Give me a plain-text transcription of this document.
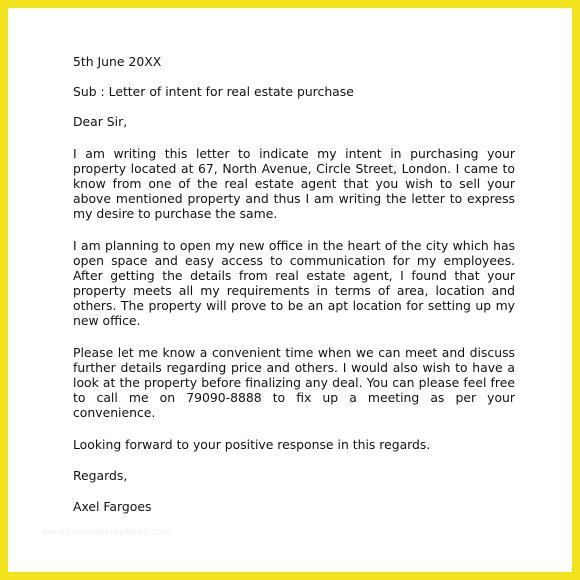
5th June 20XX
Sub : Letter of intent for real estate purchase
Dear Sir,

I am writing this letter to indicate my intent in purchasing your property located at 67, North Avenue, Circle Street, London. I came to know from one of the real estate agent that you wish to sell your above mentioned property and thus I am writing the letter to express my desire to purchase the same.

I am planning to open my new office in the heart of the city which has open space and easy access to communication for my employees. After getting the details from real estate agent, I found that your property meets all my requirements in terms of area, location and others. The property will prove to be an apt location for setting up my new office.

Please let me know a convenient time when we can meet and discuss further details regarding price and others. I would also wish to have a look at the property before finalizing any deal. You can please feel free to call me on 79090-8888 to fix up a meeting as per your convenience.

Looking forward to your positive response in this regards.
Regards,
Axel Fargoes
www.sampletemplates.com
